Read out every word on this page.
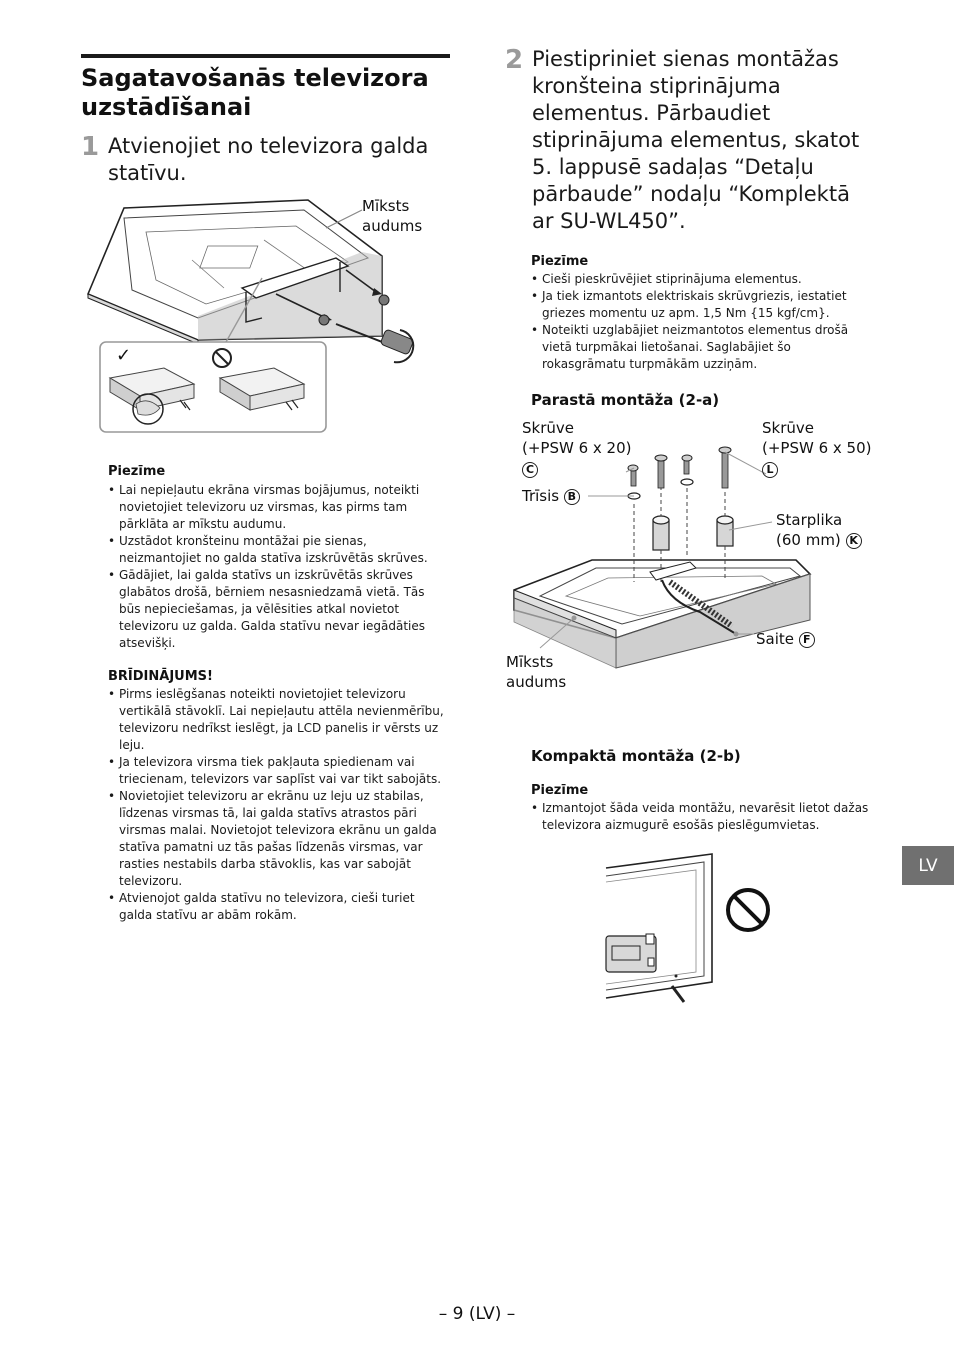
Sagatavošanās televizora
uzstādīšanai
1 Atvienojiet no televizora galda
statīvu.
✓
Mīksts
audums
Piezīme
• Lai nepieļautu ekrāna virsmas bojājumus, noteikti novietojiet televizoru uz virsmas, kas pirms tam pārklāta ar mīkstu audumu.
• Uzstādot kronšteinu montāžai pie sienas, neizmantojiet no galda statīva izskrūvētās skrūves.
• Gādājiet, lai galda statīvs un izskrūvētās skrūves glabātos drošā, bērniem nesasniedzamā vietā. Tās būs nepieciešamas, ja vēlēsities atkal novietot televizoru uz galda. Galda statīvu nevar iegādāties atsevišķi.
BRĪDINĀJUMS!
• Pirms ieslēgšanas noteikti novietojiet televizoru vertikālā stāvoklī. Lai nepieļautu attēla nevienmērību, televizoru nedrīkst ieslēgt, ja LCD panelis ir vērsts uz leju.
• Ja televizora virsma tiek pakļauta spiedienam vai triecienam, televizors var saplīst vai var tikt sabojāts.
• Novietojiet televizoru ar ekrānu uz leju uz stabilas, līdzenas virsmas tā, lai galda statīvs atrastos pāri virsmas malai. Novietojot televizora ekrānu un galda statīva pamatni uz tās pašas līdzenās virsmas, var rasties nestabils darba stāvoklis, kas var sabojāt televizoru.
• Atvienojot galda statīvu no televizora, cieši turiet galda statīvu ar abām rokām.
2 Piestipriniet sienas montāžas
kronšteina stiprinājuma
elementus. Pārbaudiet
stiprinājuma elementus, skatot
5. lappusē sadaļas “Detaļu
pārbaude” nodaļu “Komplektā
ar SU-WL450”.
Piezīme
• Cieši pieskrūvējiet stiprinājuma elementus.
• Ja tiek izmantots elektriskais skrūvgriezis, iestatiet griezes momentu uz apm. 1,5 Nm {15 kgf/cm}.
• Noteikti uzglabājiet neizmantotos elementus drošā vietā turpmākai lietošanai. Saglabājiet šo rokasgrāmatu turpmākām uzziņām.
Parastā montāža (2-a)
Skrūve
(+PSW 6 x 20)
C
Trīsis B
Skrūve
(+PSW 6 x 50)
L
Starplika
(60 mm) K
Saite F
Mīksts
audums
Kompaktā montāža (2-b)
Piezīme
• Izmantojot šāda veida montāžu, nevarēsit lietot dažas televizora aizmugurē esošās pieslēgumvietas.
LV
– 9 (LV) –
